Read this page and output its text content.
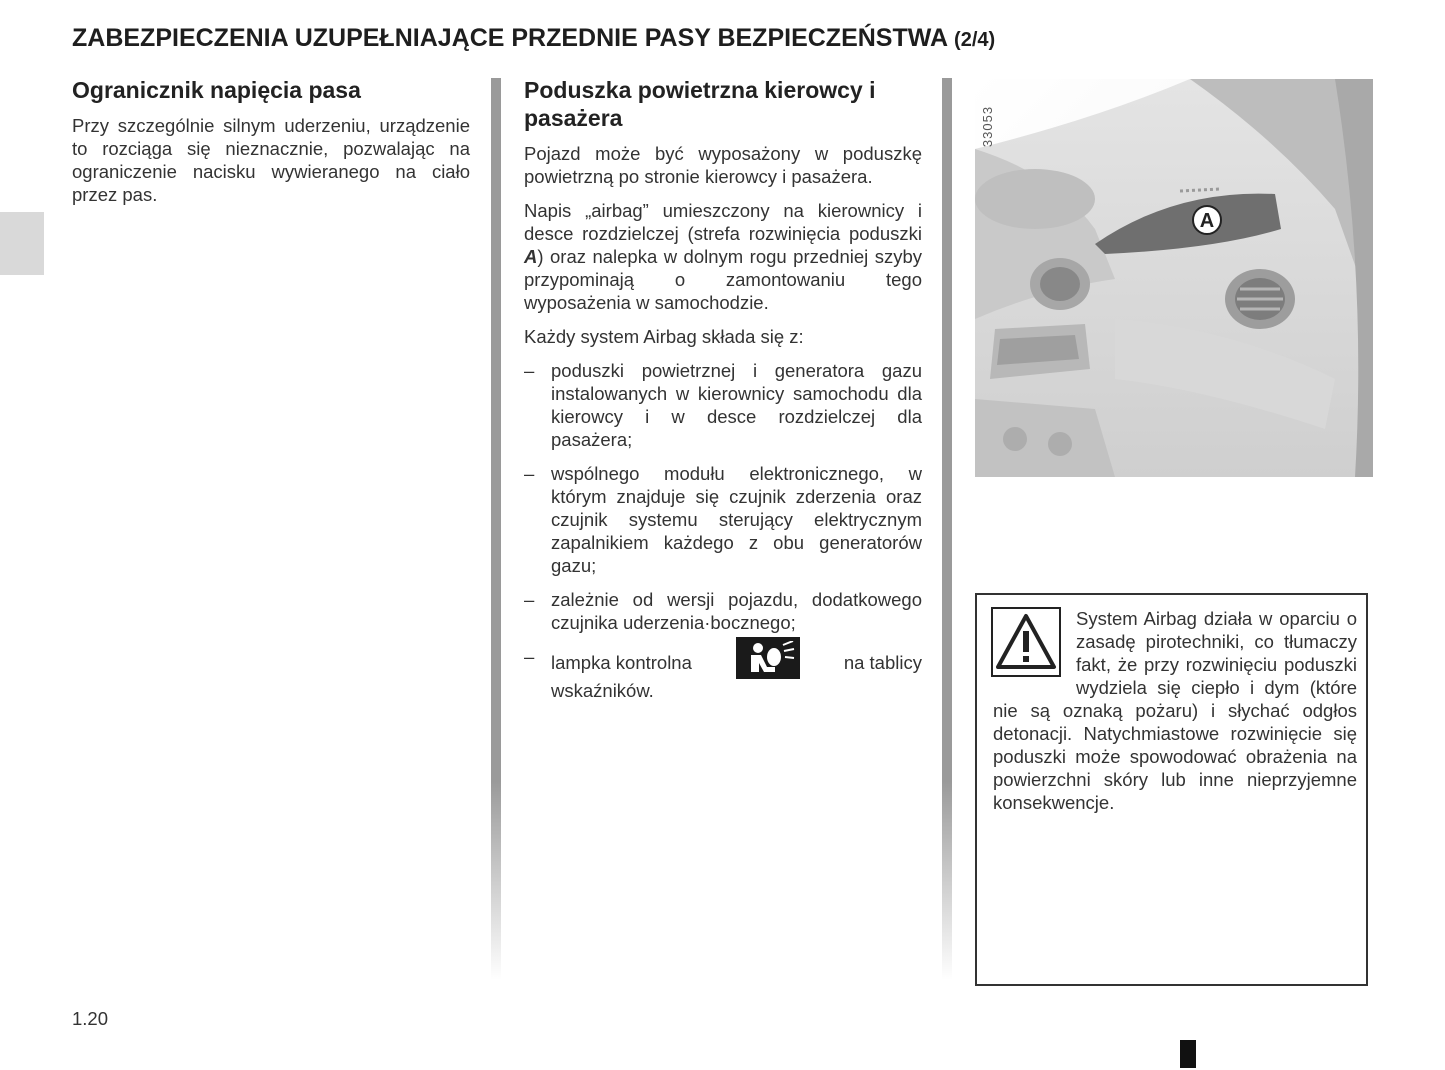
ZABEZPIECZENIA UZUPEŁNIAJĄCE PRZEDNIE PASY BEZPIECZEŃSTWA (2/4)
Ogranicznik napięcia pasa

Przy szczególnie silnym uderzeniu, urządzenie to rozciąga się nieznacznie, pozwalając na ograniczenie nacisku wywieranego na ciało przez pas.

Poduszka powietrzna kierowcy i pasażera

Pojazd może być wyposażony w poduszkę powietrzną po stronie kierowcy i pasażera.

Napis „airbag” umieszczony na kierownicy i desce rozdzielczej (strefa rozwinięcia poduszki A) oraz nalepka w dolnym rogu przedniej szyby przypominają o zamontowaniu tego wyposażenia w samochodzie.

Każdy system Airbag składa się z:

– poduszki powietrznej i generatora gazu instalowanych w kierownicy samochodu dla kierowcy i w desce rozdzielczej dla pasażera;
– wspólnego modułu elektronicznego, w którym znajduje się czujnik zderzenia oraz czujnik systemu sterujący elektrycznym zapalnikiem każdego z obu generatorów gazu;
– zależnie od wersji pojazdu, dodatkowego czujnika uderzenia·bocznego;
– lampka kontrolna	na tablicy
wskaźników.
A
33053

System Airbag działa w oparciu o zasadę pirotechniki, co tłumaczy fakt, że przy rozwinięciu poduszki wydziela się ciepło i dym (które nie są oznaką pożaru) i słychać odgłos detonacji. Natychmiastowe rozwinięcie się poduszki może spowodować obrażenia na powierzchni skóry lub inne nieprzyjemne konsekwencje.

1.20
